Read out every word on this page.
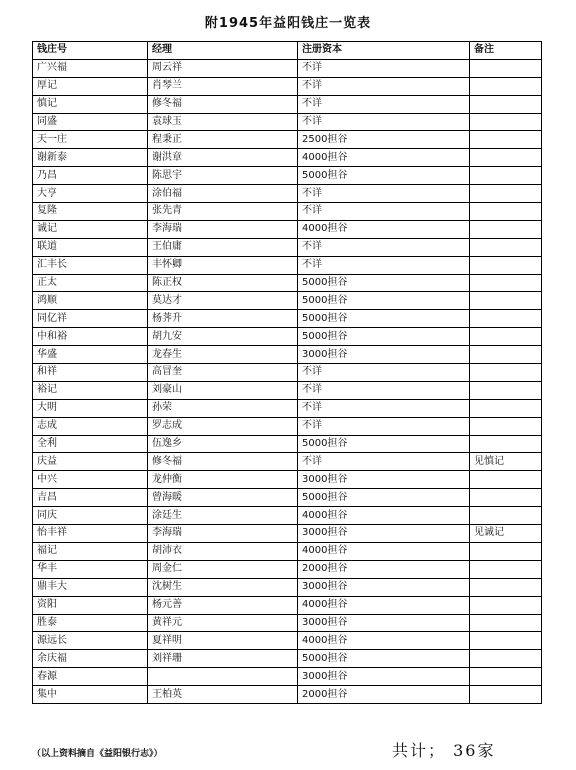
附1945年益阳钱庄一览表
钱庄号	经理	注册资本	备注
广兴福	周云祥	不详	
厚记	肖琴兰	不详	
慎记	修冬福	不详	
同盛	袁球玉	不详	
天一庄	程秉正	2500担谷	
谢新泰	谢洪章	4000担谷	
乃昌	陈思宇	5000担谷	
大亨	涂伯福	不详	
复隆	张先青	不详	
诚记	李海瑞	4000担谷	
联道	王伯庸	不详	
汇丰长	丰怀卿	不详	
正太	陈正权	5000担谷	
鸿顺	莫达才	5000担谷	
同亿祥	杨荠升	5000担谷	
中和裕	胡九安	5000担谷	
华盛	龙春生	3000担谷	
和祥	高冒奎	不详	
裕记	刘豪山	不详	
大明	孙荣	不详	
志成	罗志成	不详	
全利	伍逸乡	5000担谷	
庆益	修冬福	不详	见慎记
中兴	龙仲衡	3000担谷	
吉昌	曾海暖	5000担谷	
同庆	涂廷生	4000担谷	
怡丰祥	李海瑞	3000担谷	见诚记
福记	胡沛衣	4000担谷	
华丰	周金仁	2000担谷	
鼎丰大	沈树生	3000担谷	
资阳	杨元善	4000担谷	
胜泰	黄祥元	3000担谷	
源远长	夏祥明	4000担谷	
余庆福	刘祥珊	5000担谷	
春源		3000担谷	
集中	王柏英	2000担谷	
（以上资料摘自《益阳银行志》）	共计； 36家
